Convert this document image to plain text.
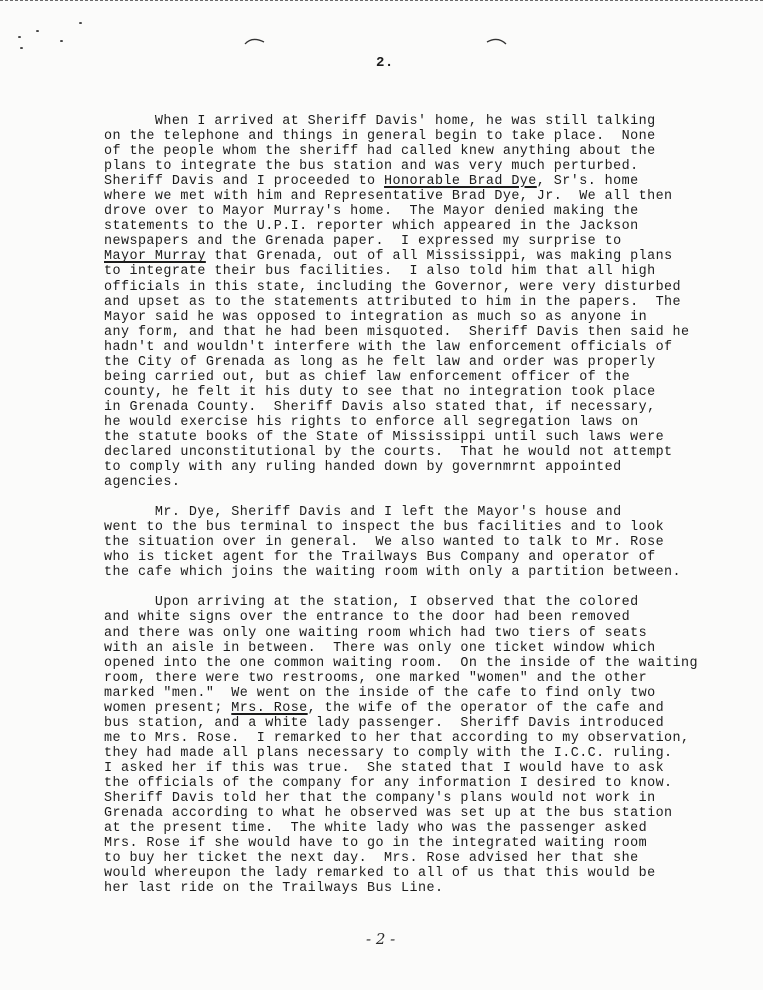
2.
When I arrived at Sheriff Davis' home, he was still talking
on the telephone and things in general begin to take place.  None
of the people whom the sheriff had called knew anything about the
plans to integrate the bus station and was very much perturbed.
Sheriff Davis and I proceeded to Honorable Brad Dye, Sr's. home
where we met with him and Representative Brad Dye, Jr.  We all then
drove over to Mayor Murray's home.  The Mayor denied making the
statements to the U.P.I. reporter which appeared in the Jackson
newspapers and the Grenada paper.  I expressed my surprise to
Mayor Murray that Grenada, out of all Mississippi, was making plans
to integrate their bus facilities.  I also told him that all high
officials in this state, including the Governor, were very disturbed
and upset as to the statements attributed to him in the papers.  The
Mayor said he was opposed to integration as much so as anyone in
any form, and that he had been misquoted.  Sheriff Davis then said he
hadn't and wouldn't interfere with the law enforcement officials of
the City of Grenada as long as he felt law and order was properly
being carried out, but as chief law enforcement officer of the
county, he felt it his duty to see that no integration took place
in Grenada County.  Sheriff Davis also stated that, if necessary,
he would exercise his rights to enforce all segregation laws on
the statute books of the State of Mississippi until such laws were
declared unconstitutional by the courts.  That he would not attempt
to comply with any ruling handed down by governmrnt appointed
agencies.
Mr. Dye, Sheriff Davis and I left the Mayor's house and
went to the bus terminal to inspect the bus facilities and to look
the situation over in general.  We also wanted to talk to Mr. Rose
who is ticket agent for the Trailways Bus Company and operator of
the cafe which joins the waiting room with only a partition between.
Upon arriving at the station, I observed that the colored
and white signs over the entrance to the door had been removed
and there was only one waiting room which had two tiers of seats
with an aisle in between.  There was only one ticket window which
opened into the one common waiting room.  On the inside of the waiting
room, there were two restrooms, one marked "women" and the other
marked "men."  We went on the inside of the cafe to find only two
women present; Mrs. Rose, the wife of the operator of the cafe and
bus station, and a white lady passenger.  Sheriff Davis introduced
me to Mrs. Rose.  I remarked to her that according to my observation,
they had made all plans necessary to comply with the I.C.C. ruling.
I asked her if this was true.  She stated that I would have to ask
the officials of the company for any information I desired to know.
Sheriff Davis told her that the company's plans would not work in
Grenada according to what he observed was set up at the bus station
at the present time.  The white lady who was the passenger asked
Mrs. Rose if she would have to go in the integrated waiting room
to buy her ticket the next day.  Mrs. Rose advised her that she
would whereupon the lady remarked to all of us that this would be
her last ride on the Trailways Bus Line.
- 2 -
